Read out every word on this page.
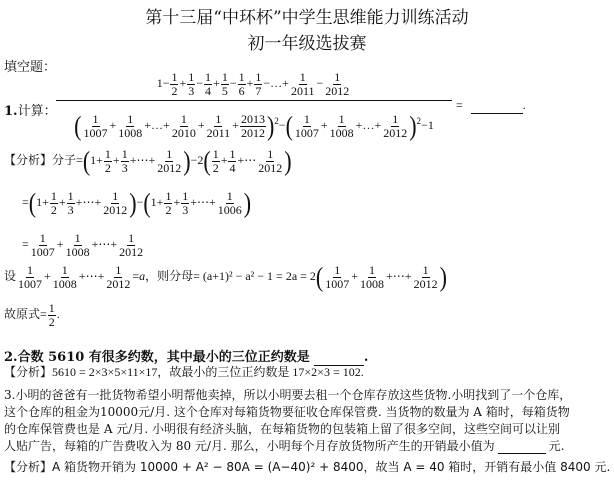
第十三届“中环杯”中学生思维能力训练活动
初一年级选拔赛
填空题：
1.计算：
$1- \frac{1}{2} + \frac{1}{3} - \frac{1}{4} + \frac{1}{5} - \frac{1}{6} + \frac{1}{7}$ −…+ $\frac{1}{2011} - \frac{1}{2012}$
( $\frac{1}{1007} + \frac{1}{1008}$ +…+ $\frac{1}{2010} + \frac{1}{2011} + \frac{2013}{2012} )^2-( \frac{1}{1007} + \frac{1}{1008}$ +…+ $\frac{1}{2012} )^2-1$
=	.
【分析】分子$=(1+ \frac{1}{2} + \frac{1}{3}$ +⋯+ $\frac{1}{2012} )-2( \frac{1}{2} + \frac{1}{4}$ +⋯ $\frac{1}{2012}$ )
$=(1+ \frac{1}{2} + \frac{1}{3}$ +⋯+ $\frac{1}{2012} )-(1+ \frac{1}{2} + \frac{1}{3}$ +⋯+ $\frac{1}{1006}$ )
= $\frac{1}{1007} + \frac{1}{1008}$ +⋯+ $\frac{1}{2012}$
设 $\frac{1}{1007} + \frac{1}{1008}$ +⋯+ $\frac{1}{2012} =a$，则分母= $(a+1)^2 - a^2 - 1 = 2a = 2( \frac{1}{1007} + \frac{1}{1008}$ +⋯+ $\frac{1}{2012}$ )
故原式= $\frac{1}{2}$ .
2.合数 5610 有很多约数，其中最小的三位正约数是	.
【分析】5610 = 2×3×5×11×17，故最小的三位正约数是 17×2×3 = 102.
3.小明的爸爸有一批货物希望小明帮他卖掉，所以小明要去租一个仓库存放这些货物.小明找到了一个仓库，
这个仓库的租金为10000元/月. 这个仓库对每箱货物要征收仓库保管费. 当货物的数量为 A 箱时，每箱货物
的仓库保管费也是 A 元/月. 小明很有经济头脑，在每箱货物的包装箱上留了很多空间，这些空间可以让别
人贴广告，每箱的广告费收入为 80 元/月. 那么，小明每个月存放货物所产生的开销最小值为	元.
【分析】A 箱货物开销为 10000 + A² − 80A = (A−40)² + 8400，故当 A = 40 箱时，开销有最小值 8400 元.
